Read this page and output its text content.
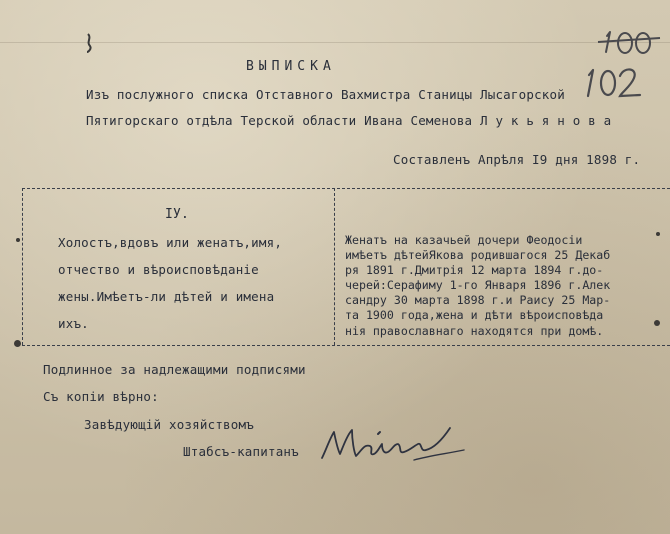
ВЫПИСКА
Изъ послужного списка Отставного Вахмистра Станицы Лысагорской
Пятигорскаго отдѣла Терской области Ивана Семенова Л у к ь я н о в а
Составленъ Апрѣля I9 дня 1898 г.
IУ.
Холостъ,вдовъ или женатъ,имя,
отчество и вѣроисповѣданіе
жены.Имѣетъ-ли дѣтей и имена
ихъ.
Женатъ на казачьей дочери Феодосіи
имѣетъ дѣтейЯкова родившагося 25 Декаб
ря 1891 г.Дмитрія 12 марта 1894 г.до-
черей:Серафиму 1-го Января 1896 г.Алек
сандру 30 марта 1898 г.и Раису 25 Мар-
та 1900 года,жена и дѣти вѣроисповѣда
нія православнаго находятся при домѣ.
Подлинное за надлежащими подписями
Съ копіи вѣрно:
Завѣдующій хозяйствомъ
Штабсъ-капитанъ
